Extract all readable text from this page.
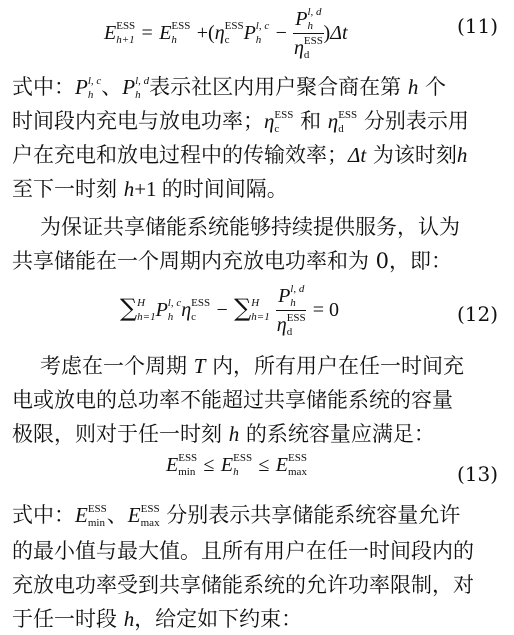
E ESS
h+1 = E ESS
h +(η ESS
c P l, c
h − P l, d
h
η ESS
d )Δt	(11)
式中：P l, c
h 、P l, d
h 表示社区内用户聚合商在第 h 个
时间段内充电与放电功率；η ESS
c 和 η ESS
d 分别表示用
户在充电和放电过程中的传输效率；Δt 为该时刻h
至下一时刻 h+1 的时间间隔。
为保证共享储能系统能够持续提供服务，认为
共享储能在一个周期内充放电功率和为 0，即：
∑ H
h=1 P l, c
h η ESS
c	− ∑ H
h=1
P l, d
h
η ESS
d = 0	(12)
考虑在一个周期 T 内，所有用户在任一时间充
电或放电的总功率不能超过共享储能系统的容量
极限，则对于任一时刻 h 的系统容量应满足：
E ESS
min ≤ E ESS
h ≤ E ESS
max	(13)
式中：E ESS
min 、E ESS
max 分别表示共享储能系统容量允许
的最小值与最大值。且所有用户在任一时间段内的
充放电功率受到共享储能系统的允许功率限制，对
于任一时段 h，给定如下约束：
